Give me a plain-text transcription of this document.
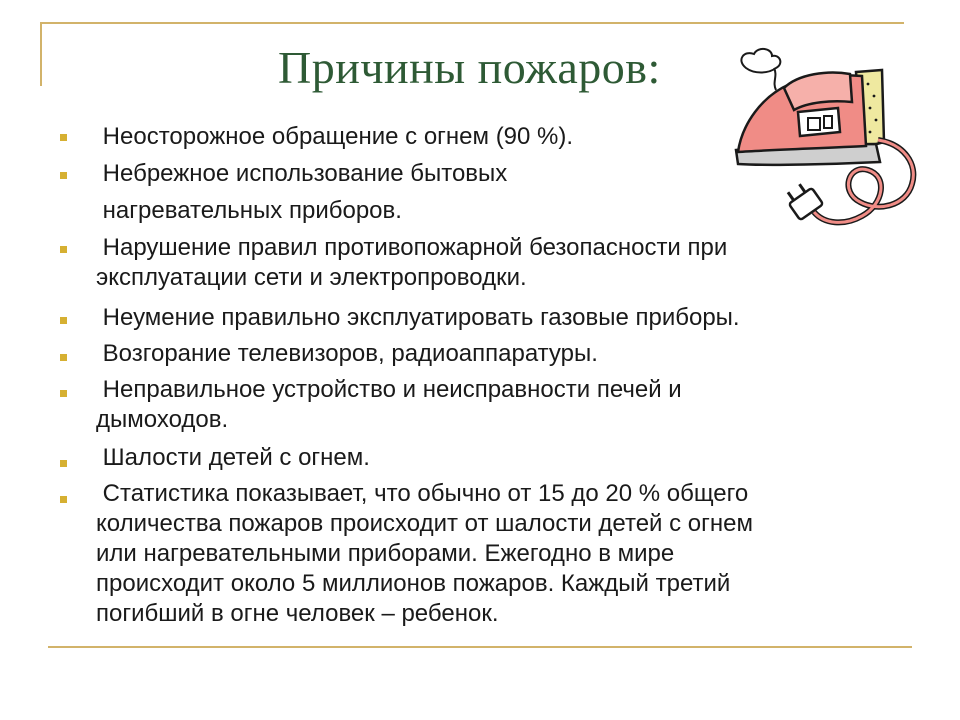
Причины пожаров:

Неосторожное обращение с огнем (90 %).

Небрежное использование бытовых

нагревательных приборов.

Нарушение правил противопожарной безопасности при

эксплуатации сети и электропроводки.

Неумение правильно эксплуатировать газовые приборы.

Возгорание телевизоров, радиоаппаратуры.

Неправильное устройство и неисправности печей и

дымоходов.

Шалости детей с огнем.

Статистика показывает, что обычно от 15 до 20 % общего

количества пожаров происходит от шалости детей с огнем

или нагревательными приборами. Ежегодно в мире

происходит около 5 миллионов пожаров. Каждый третий

погибший в огне человек – ребенок.
